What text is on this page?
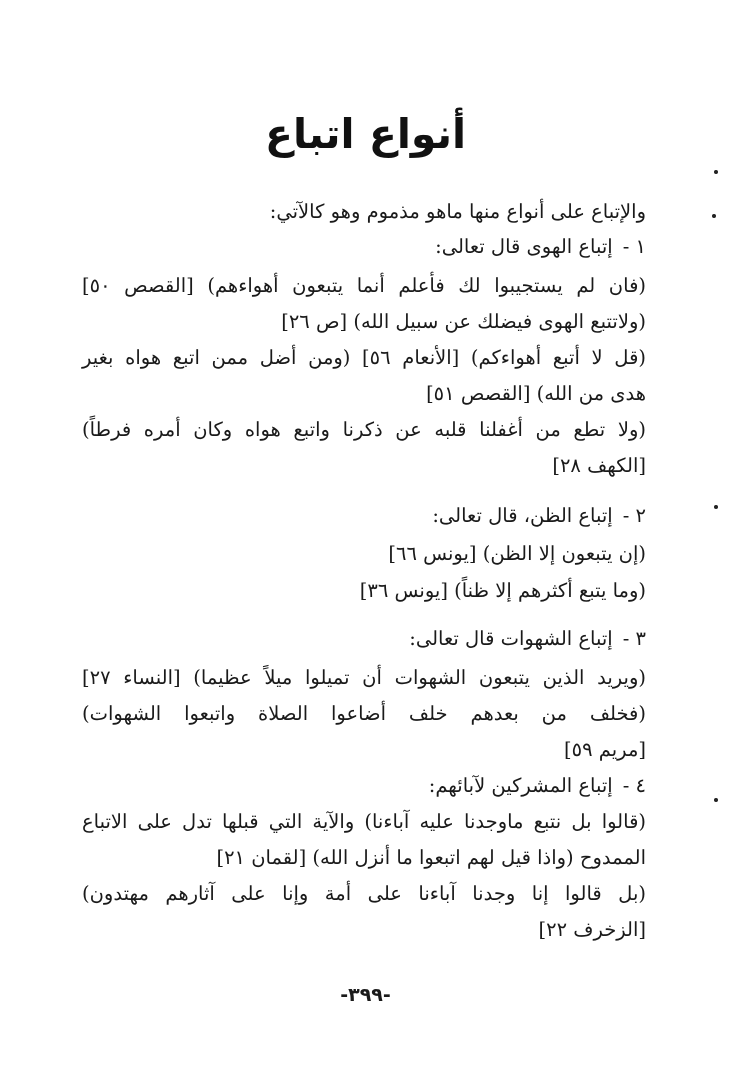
أنواع اتباع
والإتباع على أنواع منها ماهو مذموم وهو كالآتي:
١ -إتباع الهوى قال تعالى:
(فان لم يستجيبوا لك فأعلم أنما يتبعون أهواءهم) [القصص ٥٠]
(ولاتتبع الهوى فيضلك عن سبيل الله) [ص ٢٦]
(قل لا أتبع أهواءكم) [الأنعام ٥٦] (ومن أضل ممن اتبع هواه بغير
هدى من الله) [القصص ٥١]
(ولا تطع من أغفلنا قلبه عن ذكرنا واتبع هواه وكان أمره فرطاً)
[الكهف ٢٨]
٢ -إتباع الظن، قال تعالى:
(إن يتبعون إلا الظن) [يونس ٦٦]
(وما يتبع أكثرهم إلا ظناً) [يونس ٣٦]
٣ -إتباع الشهوات قال تعالى:
(ويريد الذين يتبعون الشهوات أن تميلوا ميلاً عظيما) [النساء ٢٧]
(فخلف من بعدهم خلف أضاعوا الصلاة واتبعوا الشهوات)
[مريم ٥٩]
٤ -إتباع المشركين لآبائهم:
(قالوا بل نتبع ماوجدنا عليه آباءنا) والآية التي قبلها تدل على الاتباع
الممدوح (واذا قيل لهم اتبعوا ما أنزل الله) [لقمان ٢١]
(بل قالوا إنا وجدنا آباءنا على أمة وإنا على آثارهم مهتدون)
[الزخرف ٢٢]
-٣٩٩-
